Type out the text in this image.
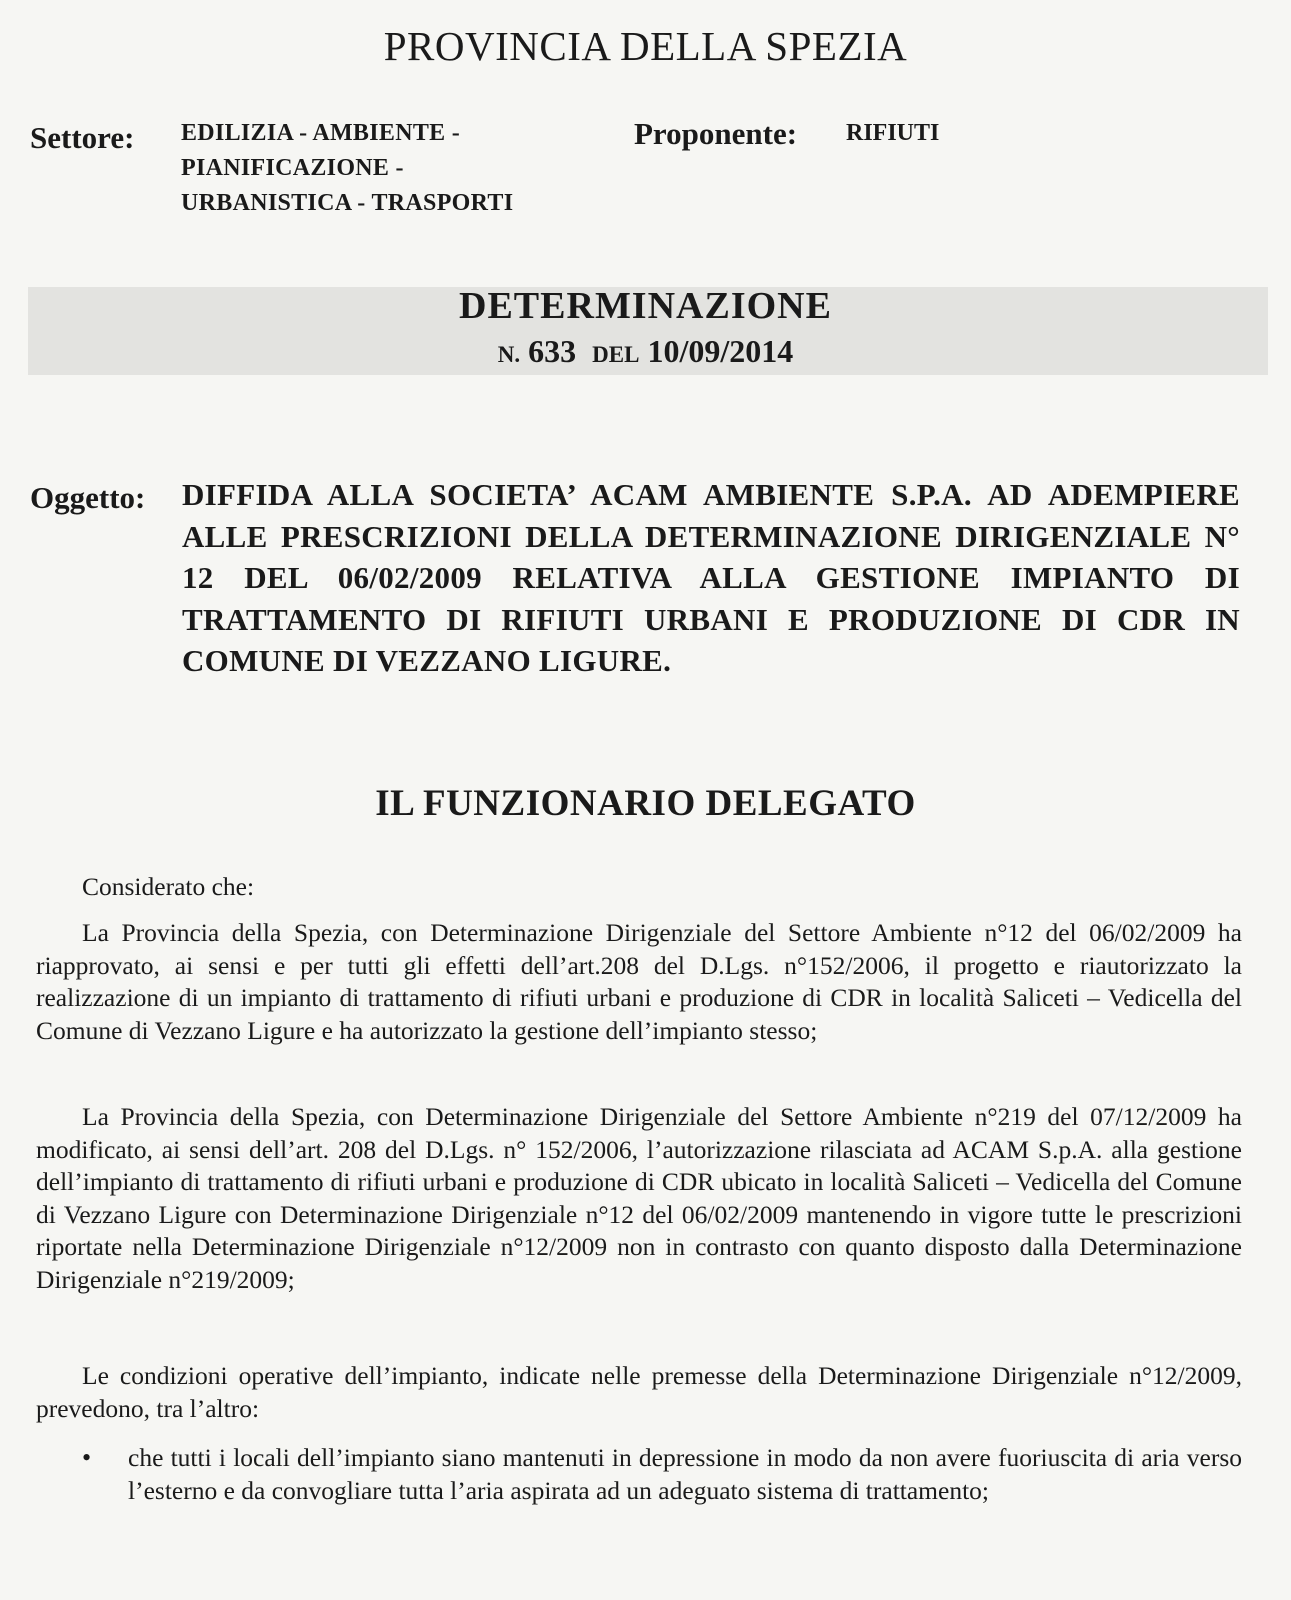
PROVINCIA DELLA SPEZIA
Settore: EDILIZIA - AMBIENTE -
PIANIFICAZIONE -
URBANISTICA - TRASPORTI
Proponente: RIFIUTI
DETERMINAZIONE
N. 633 DEL 10/09/2014
Oggetto: DIFFIDA ALLA SOCIETA’ ACAM AMBIENTE S.P.A. AD ADEMPIERE ALLE PRESCRIZIONI DELLA DETERMINAZIONE DIRIGENZIALE N° 12 DEL 06/02/2009 RELATIVA ALLA GESTIONE IMPIANTO DI TRATTAMENTO DI RIFIUTI URBANI E PRODUZIONE DI CDR IN COMUNE DI VEZZANO LIGURE.
IL FUNZIONARIO DELEGATO
Considerato che:
La Provincia della Spezia, con Determinazione Dirigenziale del Settore Ambiente n°12 del 06/02/2009 ha riapprovato, ai sensi e per tutti gli effetti dell’art.208 del D.Lgs. n°152/2006, il progetto e riautorizzato la realizzazione di un impianto di trattamento di rifiuti urbani e produzione di CDR in località Saliceti – Vedicella del Comune di Vezzano Ligure e ha autorizzato la gestione dell’impianto stesso;
La Provincia della Spezia, con Determinazione Dirigenziale del Settore Ambiente n°219 del 07/12/2009 ha modificato, ai sensi dell’art. 208 del D.Lgs. n° 152/2006, l’autorizzazione rilasciata ad ACAM S.p.A. alla gestione dell’impianto di trattamento di rifiuti urbani e produzione di CDR ubicato in località Saliceti – Vedicella del Comune di Vezzano Ligure con Determinazione Dirigenziale n°12 del 06/02/2009 mantenendo in vigore tutte le prescrizioni riportate nella Determinazione Dirigenziale n°12/2009 non in contrasto con quanto disposto dalla Determinazione Dirigenziale n°219/2009;
Le condizioni operative dell’impianto, indicate nelle premesse della Determinazione Dirigenziale n°12/2009, prevedono, tra l’altro:
• che tutti i locali dell’impianto siano mantenuti in depressione in modo da non avere fuoriuscita di aria verso l’esterno e da convogliare tutta l’aria aspirata ad un adeguato sistema di trattamento;
